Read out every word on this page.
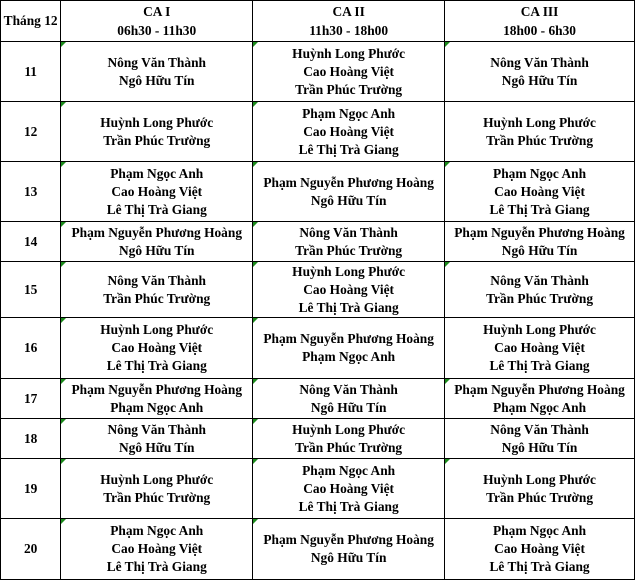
Tháng 12	CA I
06h30 - 11h30	CA II
11h30 - 18h00	CA III
18h00 - 6h30

11	Nông Văn Thành
Ngô Hữu Tín	Huỳnh Long Phước
Cao Hoàng Việt
Trần Phúc Trường	Nông Văn Thành
Ngô Hữu Tín

12	Huỳnh Long Phước
Trần Phúc Trường	Phạm Ngọc Anh
Cao Hoàng Việt
Lê Thị Trà Giang	Huỳnh Long Phước
Trần Phúc Trường

13	Phạm Ngọc Anh
Cao Hoàng Việt
Lê Thị Trà Giang	Phạm Nguyễn Phương Hoàng
Ngô Hữu Tín	Phạm Ngọc Anh
Cao Hoàng Việt
Lê Thị Trà Giang

14	Phạm Nguyễn Phương Hoàng
Ngô Hữu Tín	Nông Văn Thành
Trần Phúc Trường	Phạm Nguyễn Phương Hoàng
Ngô Hữu Tín

15	Nông Văn Thành
Trần Phúc Trường	Huỳnh Long Phước
Cao Hoàng Việt
Lê Thị Trà Giang	Nông Văn Thành
Trần Phúc Trường

16	Huỳnh Long Phước
Cao Hoàng Việt
Lê Thị Trà Giang	Phạm Nguyễn Phương Hoàng
Phạm Ngọc Anh	Huỳnh Long Phước
Cao Hoàng Việt
Lê Thị Trà Giang

17	Phạm Nguyễn Phương Hoàng
Phạm Ngọc Anh	Nông Văn Thành
Ngô Hữu Tín	Phạm Nguyễn Phương Hoàng
Phạm Ngọc Anh

18	Nông Văn Thành
Ngô Hữu Tín	Huỳnh Long Phước
Trần Phúc Trường	Nông Văn Thành
Ngô Hữu Tín

19	Huỳnh Long Phước
Trần Phúc Trường	Phạm Ngọc Anh
Cao Hoàng Việt
Lê Thị Trà Giang	Huỳnh Long Phước
Trần Phúc Trường

20	Phạm Ngọc Anh
Cao Hoàng Việt
Lê Thị Trà Giang	Phạm Nguyễn Phương Hoàng
Ngô Hữu Tín	Phạm Ngọc Anh
Cao Hoàng Việt
Lê Thị Trà Giang
